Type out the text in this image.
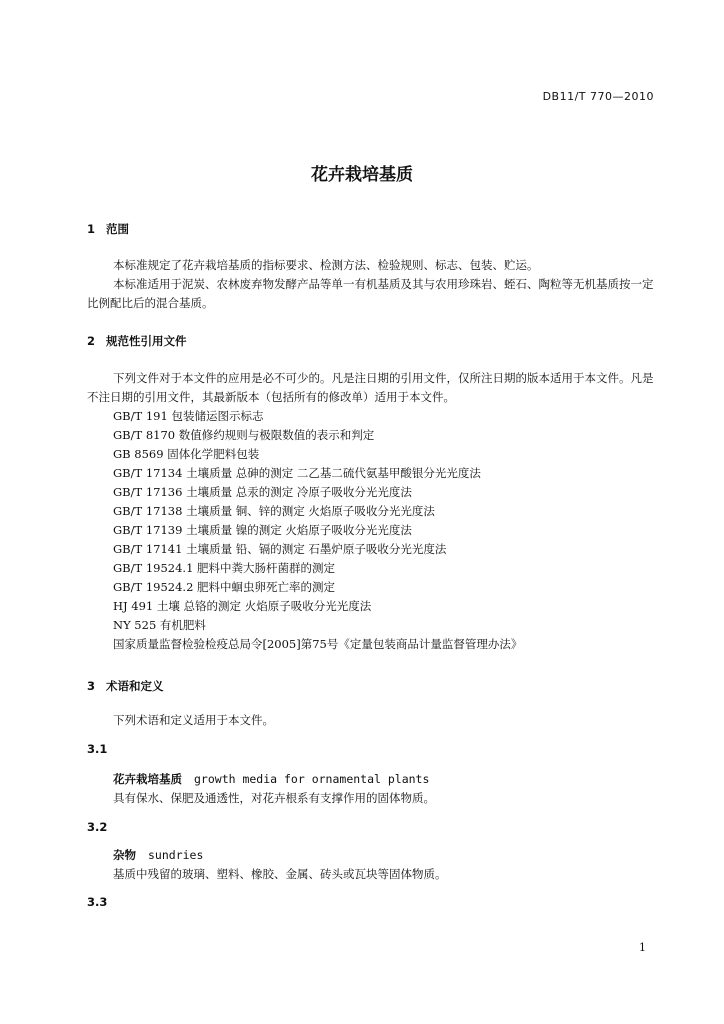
DB11/T 770—2010
花卉栽培基质
1 范围
本标准规定了花卉栽培基质的指标要求、检测方法、检验规则、标志、包装、贮运。
本标准适用于泥炭、农林废弃物发酵产品等单一有机基质及其与农用珍珠岩、蛭石、陶粒等无机基质按一定比例配比后的混合基质。
2 规范性引用文件
下列文件对于本文件的应用是必不可少的。凡是注日期的引用文件，仅所注日期的版本适用于本文件。凡是不注日期的引用文件，其最新版本（包括所有的修改单）适用于本文件。
GB/T 191 包装储运图示标志
GB/T 8170 数值修约规则与极限数值的表示和判定
GB 8569 固体化学肥料包装
GB/T 17134 土壤质量 总砷的测定 二乙基二硫代氨基甲酸银分光光度法
GB/T 17136 土壤质量 总汞的测定 冷原子吸收分光光度法
GB/T 17138 土壤质量 铜、锌的测定 火焰原子吸收分光光度法
GB/T 17139 土壤质量 镍的测定 火焰原子吸收分光光度法
GB/T 17141 土壤质量 铅、镉的测定 石墨炉原子吸收分光光度法
GB/T 19524.1 肥料中粪大肠杆菌群的测定
GB/T 19524.2 肥料中蛔虫卵死亡率的测定
HJ 491 土壤 总铬的测定 火焰原子吸收分光光度法
NY 525 有机肥料
国家质量监督检验检疫总局令[2005]第75号《定量包装商品计量监督管理办法》
3 术语和定义
下列术语和定义适用于本文件。
3.1
花卉栽培基质 growth media for ornamental plants
具有保水、保肥及通透性，对花卉根系有支撑作用的固体物质。
3.2
杂物 sundries
基质中残留的玻璃、塑料、橡胶、金属、砖头或瓦块等固体物质。
3.3
1
